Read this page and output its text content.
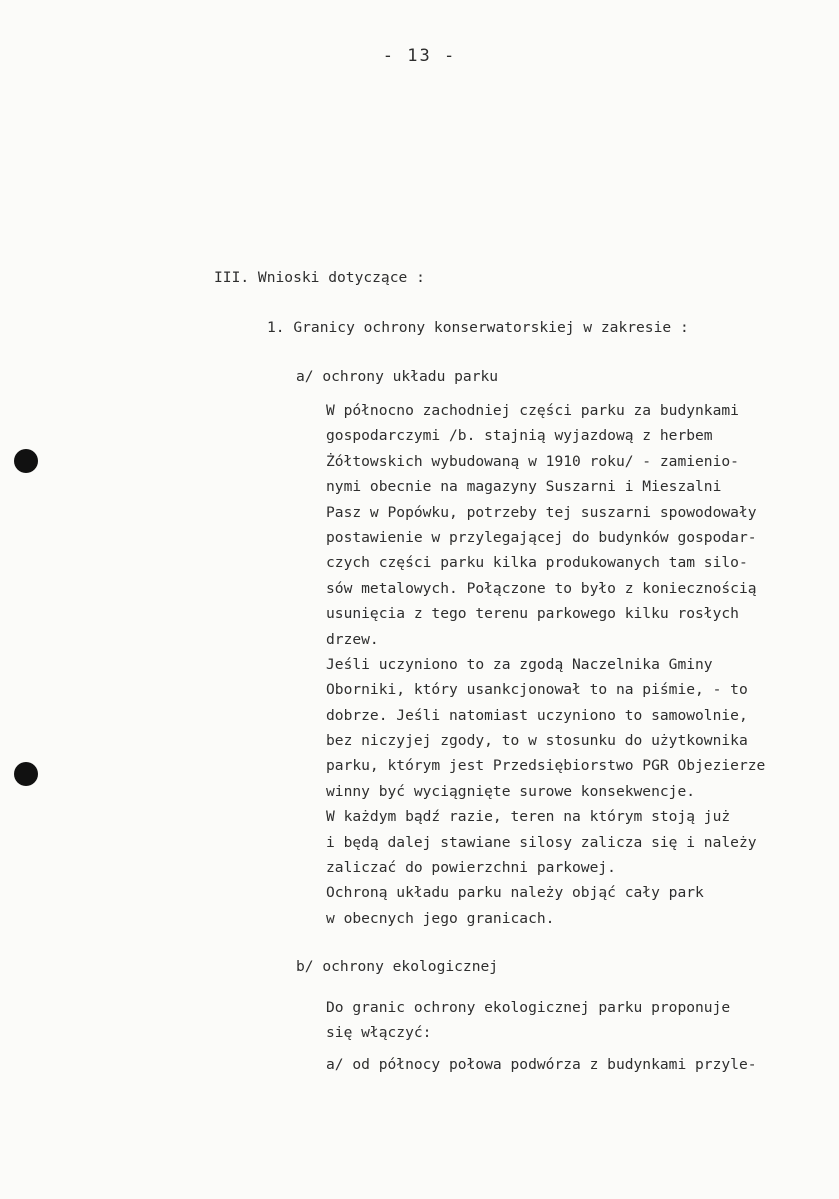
- 13 -
III. Wnioski dotyczące :
1. Granicy ochrony konserwatorskiej w zakresie :
a/ ochrony układu parku
W północno zachodniej części parku za budynkami
gospodarczymi /b. stajnią wyjazdową z herbem
Żółtowskich wybudowaną w 1910 roku/ - zamienio-
nymi obecnie na magazyny Suszarni i Mieszalni
Pasz w Popówku, potrzeby tej suszarni spowodowały
postawienie w przylegającej do budynków gospodar-
czych części parku kilka produkowanych tam silo-
sów metalowych. Połączone to było z koniecznością
usunięcia z tego terenu parkowego kilku rosłych
drzew.
Jeśli uczyniono to za zgodą Naczelnika Gminy
Oborniki, który usankcjonował to na piśmie, - to
dobrze. Jeśli natomiast uczyniono to samowolnie,
bez niczyjej zgody, to w stosunku do użytkownika
parku, którym jest Przedsiębiorstwo PGR Objezierze
winny być wyciągnięte surowe konsekwencje.
W każdym bądź razie, teren na którym stoją już
i będą dalej stawiane silosy zalicza się i należy
zaliczać do powierzchni parkowej.
Ochroną układu parku należy objąć cały park
w obecnych jego granicach.
b/ ochrony ekologicznej
Do granic ochrony ekologicznej parku proponuje
się włączyć:
a/ od północy połowa podwórza z budynkami przyle-
